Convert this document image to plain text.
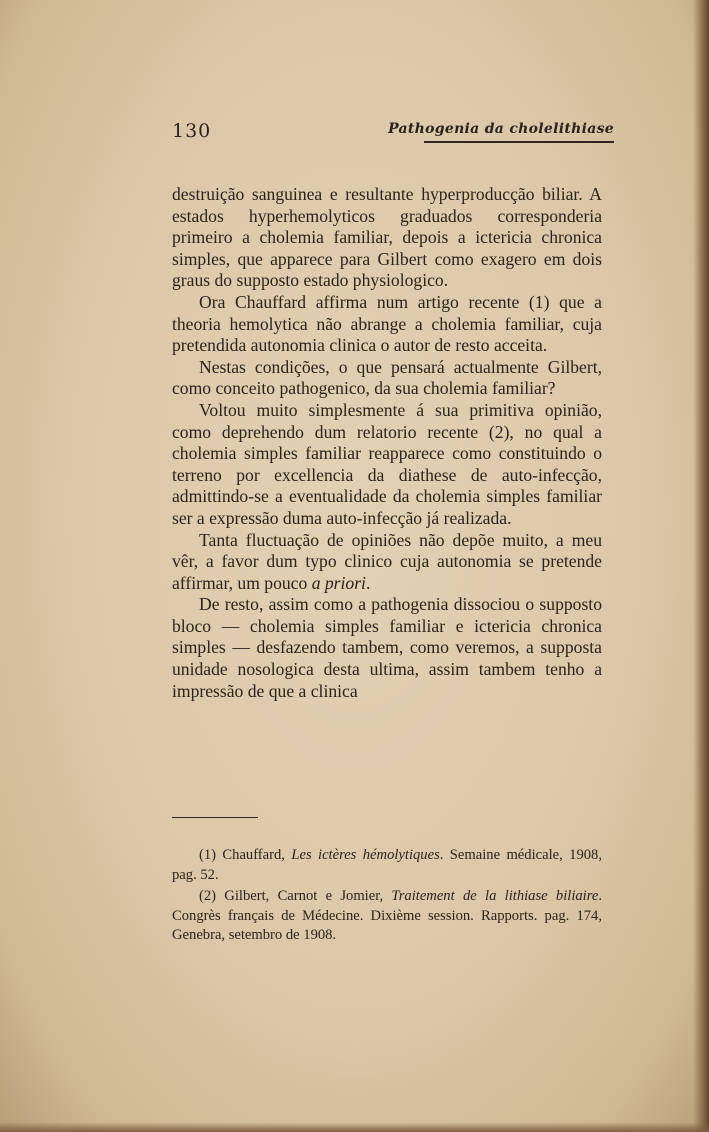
130	Pathogenia da cholelithiase

destruição sanguinea e resultante hyperproducção biliar. A estados hyperhemolyticos graduados corresponderia primeiro a cholemia familiar, depois a ictericia chronica simples, que apparece para Gilbert como exagero em dois graus do supposto estado physiologico.

Ora Chauffard affirma num artigo recente (1) que a theoria hemolytica não abrange a cholemia familiar, cuja pretendida autonomia clinica o autor de resto acceita.

Nestas condições, o que pensará actualmente Gilbert, como conceito pathogenico, da sua cholemia familiar?

Voltou muito simplesmente á sua primitiva opinião, como deprehendo dum relatorio recente (2), no qual a cholemia simples familiar reapparece como constituindo o terreno por excellencia da diathese de auto-infecção, admittindo-se a eventualidade da cholemia simples familiar ser a expressão duma auto-infecção já realizada.

Tanta fluctuação de opiniões não depõe muito, a meu vêr, a favor dum typo clinico cuja autonomia se pretende affirmar, um pouco a priori.

De resto, assim como a pathogenia dissociou o supposto bloco — cholemia simples familiar e ictericia chronica simples — desfazendo tambem, como veremos, a supposta unidade nosologica desta ultima, assim tambem tenho a impressão de que a clinica

(1) Chauffard, Les ictères hémolytiques. Semaine médicale, 1908, pag. 52.

(2) Gilbert, Carnot e Jomier, Traitement de la lithiase biliaire. Congrès français de Médecine. Dixième session. Rapports. pag. 174, Genebra, setembro de 1908.
